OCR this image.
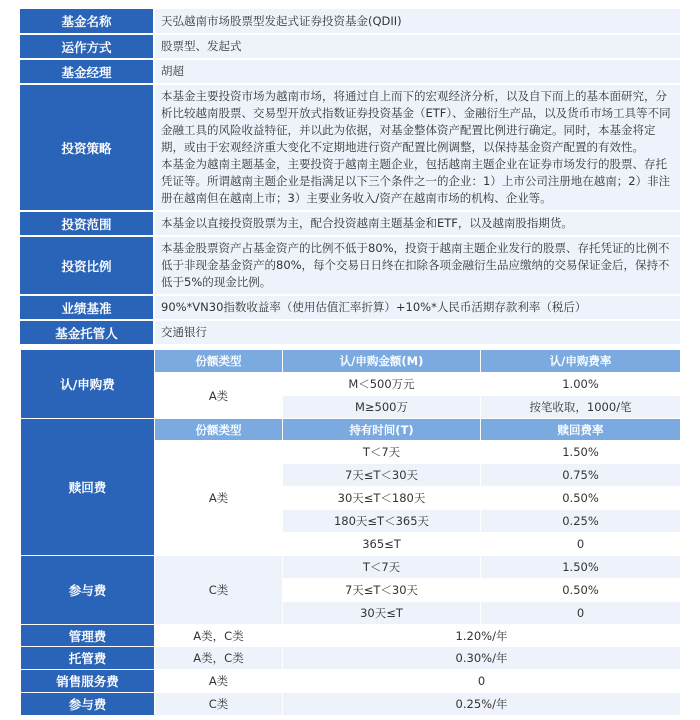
基金名称	天弘越南市场股票型发起式证券投资基金(QDII)
运作方式	股票型、发起式
基金经理	胡超
投资策略	本基金主要投资市场为越南市场，将通过自上而下的宏观经济分析，以及自下而上的基本面研究，分析比较越南股票、交易型开放式指数证券投资基金（ETF）、金融衍生产品，以及货币市场工具等不同金融工具的风险收益特征，并以此为依据，对基金整体资产配置比例进行确定。同时，本基金将定期，或由于宏观经济重大变化不定期地进行资产配置比例调整，以保持基金资产配置的有效性。
本基金为越南主题基金，主要投资于越南主题企业，包括越南主题企业在证券市场发行的股票、存托凭证等。所谓越南主题企业是指满足以下三个条件之一的企业：1）上市公司注册地在越南；2）非注册在越南但在越南上市；3）主要业务收入/资产在越南市场的机构、企业等。

投资范围	本基金以直接投资股票为主，配合投资越南主题基金和ETF，以及越南股指期货。
投资比例	本基金股票资产占基金资产的比例不低于80%，投资于越南主题企业发行的股票、存托凭证的比例不低于非现金基金资产的80%，每个交易日日终在扣除各项金融衍生品应缴纳的交易保证金后，保持不低于5%的现金比例。
业绩基准	90%*VN30指数收益率（使用估值汇率折算）+10%*人民币活期存款利率（税后）
基金托管人	交通银行
认/申购费	份额类型	认/申购金额(M)	认/申购费率
	A类	M＜500万元	1.00%
		M≥500万	按笔收取，1000/笔
赎回费	份额类型	持有时间(T)	赎回费率
	A类	T＜7天	1.50%
		7天≤T＜30天	0.75%
		30天≤T＜180天	0.50%
		180天≤T＜365天	0.25%
		365≤T	0
参与费	C类	T＜7天	1.50%
		7天≤T＜30天	0.50%
		30天≤T	0
管理费	A类，C类	1.20%/年	
托管费	A类，C类	0.30%/年	
销售服务费	A类	0	
参与费	C类	0.25%/年	
